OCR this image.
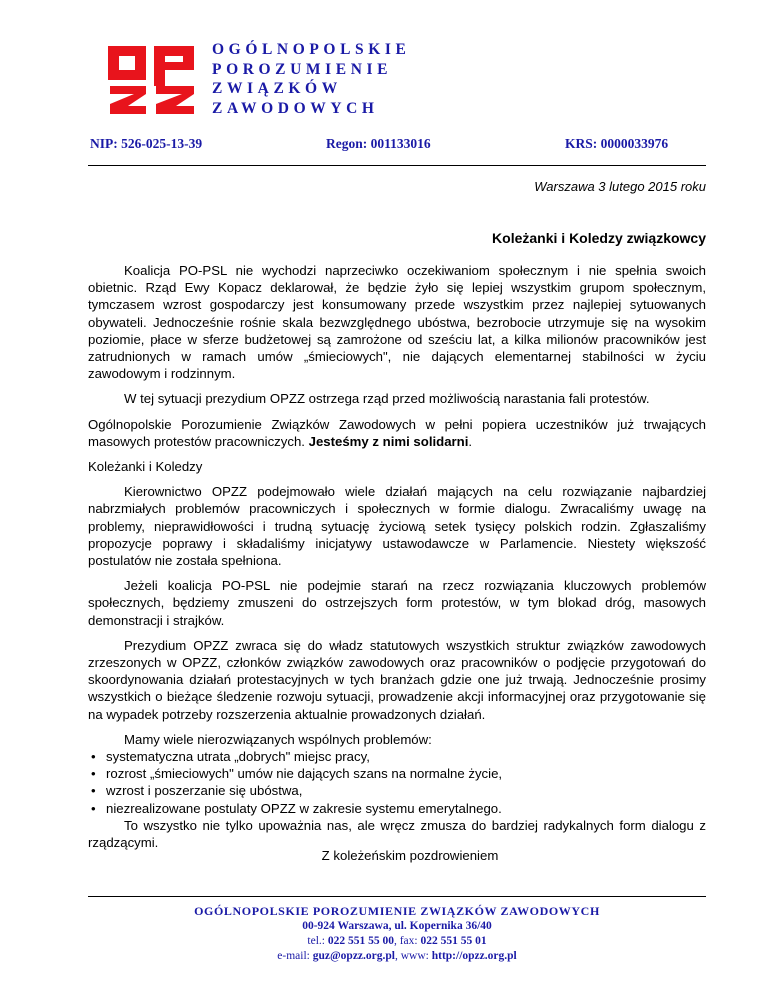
OGÓLNOPOLSKIE
POROZUMIENIE
ZWIĄZKÓW
ZAWODOWYCH
NIP: 526-025-13-39	Regon: 001133016	KRS: 0000033976
Warszawa 3 lutego 2015 roku
Koleżanki i Koledzy związkowcy

Koalicja PO-PSL nie wychodzi naprzeciwko oczekiwaniom społecznym i nie spełnia swoich obietnic. Rząd Ewy Kopacz deklarował, że będzie żyło się lepiej wszystkim grupom społecznym, tymczasem wzrost gospodarczy jest konsumowany przede wszystkim przez najlepiej sytuowanych obywateli. Jednocześnie rośnie skala bezwzględnego ubóstwa, bezrobocie utrzymuje się na wysokim poziomie, płace w sferze budżetowej są zamrożone od sześciu lat, a kilka milionów pracowników jest zatrudnionych w ramach umów „śmieciowych", nie dających elementarnej stabilności w życiu zawodowym i rodzinnym.

W tej sytuacji prezydium OPZZ ostrzega rząd przed możliwością narastania fali protestów.

Ogólnopolskie Porozumienie Związków Zawodowych w pełni popiera uczestników już trwających masowych protestów pracowniczych. Jesteśmy z nimi solidarni.

Koleżanki i Koledzy

Kierownictwo OPZZ podejmowało wiele działań mających na celu rozwiązanie najbardziej nabrzmiałych problemów pracowniczych i społecznych w formie dialogu. Zwracaliśmy uwagę na problemy, nieprawidłowości i trudną sytuację życiową setek tysięcy polskich rodzin. Zgłaszaliśmy propozycje poprawy i składaliśmy inicjatywy ustawodawcze w Parlamencie. Niestety większość postulatów nie została spełniona.

Jeżeli koalicja PO-PSL nie podejmie starań na rzecz rozwiązania kluczowych problemów społecznych, będziemy zmuszeni do ostrzejszych form protestów, w tym blokad dróg, masowych demonstracji i strajków.

Prezydium OPZZ zwraca się do władz statutowych wszystkich struktur związków zawodowych zrzeszonych w OPZZ, członków związków zawodowych oraz pracowników o podjęcie przygotowań do skoordynowania działań protestacyjnych w tych branżach gdzie one już trwają. Jednocześnie prosimy wszystkich o bieżące śledzenie rozwoju sytuacji, prowadzenie akcji informacyjnej oraz przygotowanie się na wypadek potrzeby rozszerzenia aktualnie prowadzonych działań.

Mamy wiele nierozwiązanych wspólnych problemów:

• systematyczna utrata „dobrych" miejsc pracy,
• rozrost „śmieciowych" umów nie dających szans na normalne życie,
• wzrost i poszerzanie się ubóstwa,
• niezrealizowane postulaty OPZZ w zakresie systemu emerytalnego.

To wszystko nie tylko upoważnia nas, ale wręcz zmusza do bardziej radykalnych form dialogu z rządzącymi.

Z koleżeńskim pozdrowieniem
OGÓLNOPOLSKIE POROZUMIENIE ZWIĄZKÓW ZAWODOWYCH
00-924 Warszawa, ul. Kopernika 36/40
tel.: 022 551 55 00, fax: 022 551 55 01
e-mail: guz@opzz.org.pl, www: http://opzz.org.pl
